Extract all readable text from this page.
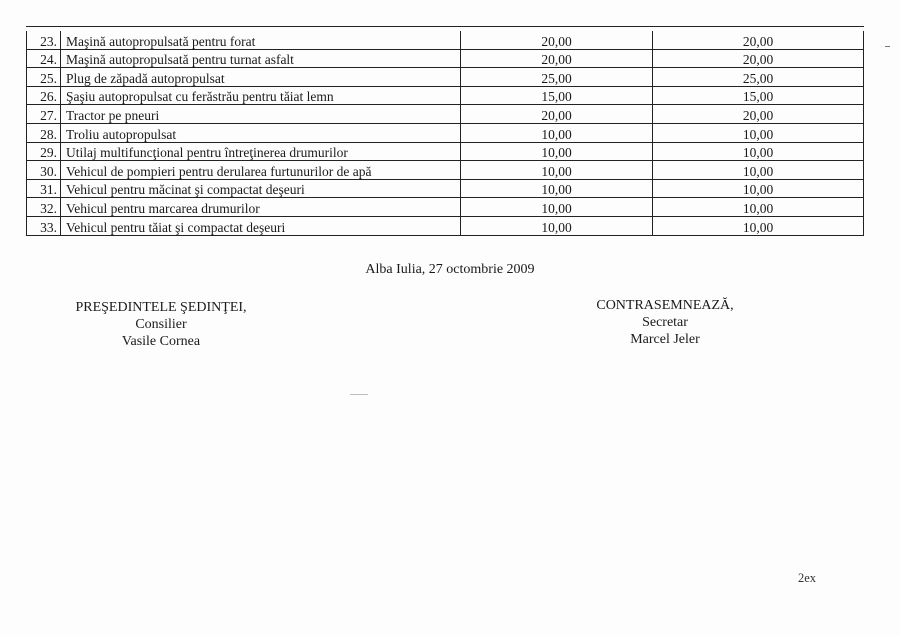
23. Maşină autopropulsată pentru forat	20,00	20,00
24. Maşină autopropulsată pentru turnat asfalt	20,00	20,00
25. Plug de zăpadă autopropulsat	25,00	25,00
26. Şaşiu autopropulsat cu ferăstrău pentru tăiat lemn	15,00	15,00
27. Tractor pe pneuri	20,00	20,00
28. Troliu autopropulsat	10,00	10,00
29. Utilaj multifuncţional pentru întreţinerea drumurilor	10,00	10,00
30. Vehicul de pompieri pentru derularea furtunurilor de apă	10,00	10,00
31. Vehicul pentru măcinat şi compactat deşeuri	10,00	10,00
32. Vehicul pentru marcarea drumurilor	10,00	10,00
33. Vehicul pentru tăiat şi compactat deşeuri	10,00	10,00
Alba Iulia, 27 octombrie 2009
PREŞEDINTELE ŞEDINŢEI,
Consilier
Vasile Cornea
CONTRASEMNEAZĂ,
Secretar
Marcel Jeler
2ex
